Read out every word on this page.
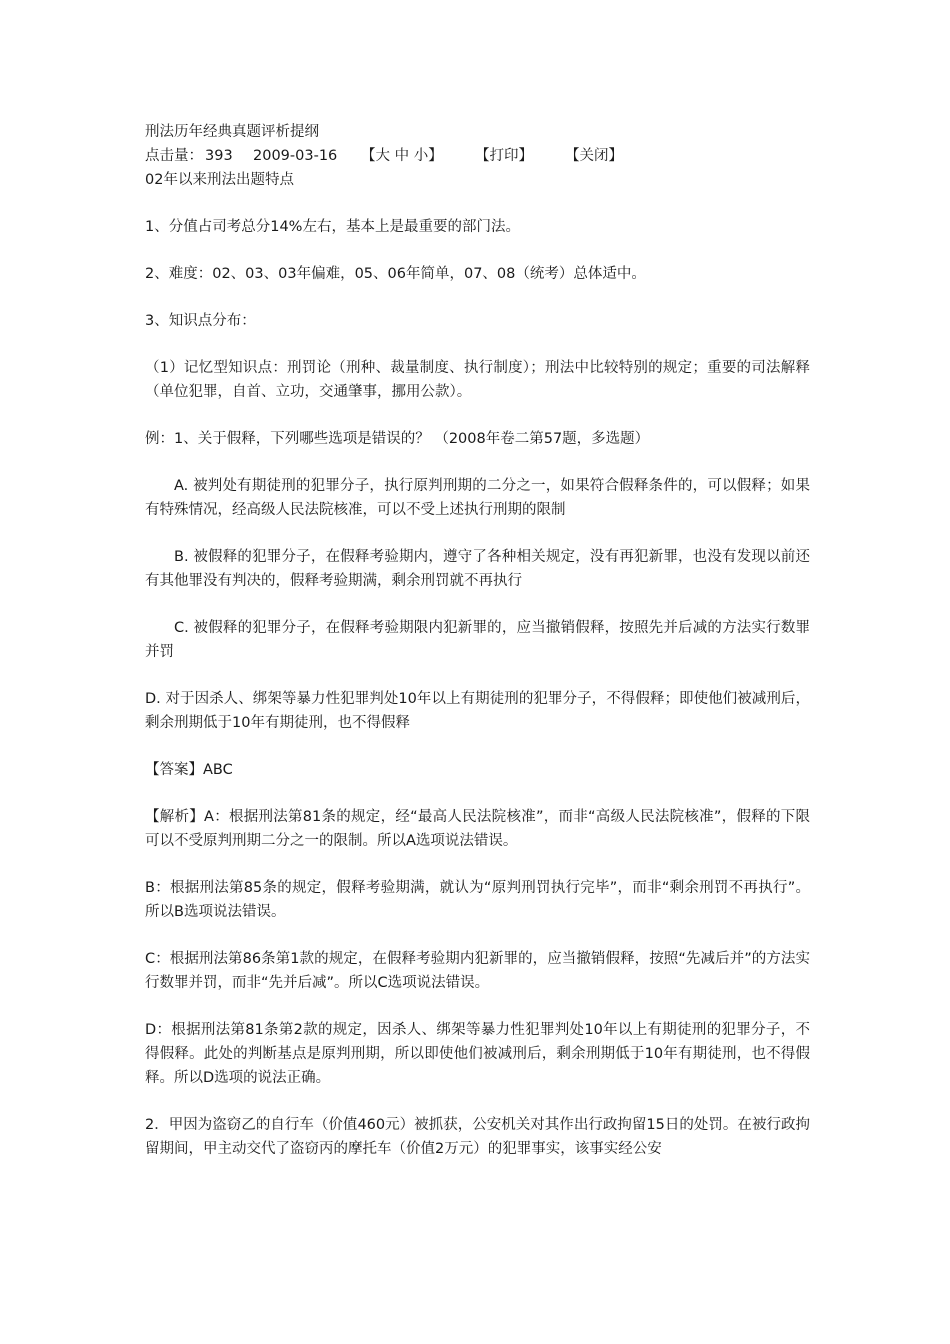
刑法历年经典真题评析提纲

点击量： 393	2009-03-16	【大 中 小】	【打印】	【关闭】

02年以来刑法出题特点

1、分值占司考总分14%左右，基本上是最重要的部门法。

2、难度：02、03、03年偏难，05、06年简单，07、08（统考）总体适中。

3、知识点分布：

（1）记忆型知识点：刑罚论（刑种、裁量制度、执行制度）；刑法中比较特别的规定；重要的司法解释（单位犯罪，自首、立功，交通肇事，挪用公款）。

例：1、关于假释，下列哪些选项是错误的？ （2008年卷二第57题，多选题）

A. 被判处有期徒刑的犯罪分子，执行原判刑期的二分之一，如果符合假释条件的，可以假释；如果有特殊情况，经高级人民法院核准，可以不受上述执行刑期的限制

B. 被假释的犯罪分子，在假释考验期内，遵守了各种相关规定，没有再犯新罪，也没有发现以前还有其他罪没有判决的，假释考验期满，剩余刑罚就不再执行

C. 被假释的犯罪分子，在假释考验期限内犯新罪的，应当撤销假释，按照先并后减的方法实行数罪并罚

D. 对于因杀人、绑架等暴力性犯罪判处10年以上有期徒刑的犯罪分子，不得假释；即使他们被减刑后，剩余刑期低于10年有期徒刑，也不得假释

【答案】ABC

【解析】A：根据刑法第81条的规定，经“最高人民法院核准”，而非“高级人民法院核准”，假释的下限可以不受原判刑期二分之一的限制。所以A选项说法错误。

B：根据刑法第85条的规定，假释考验期满，就认为“原判刑罚执行完毕”，而非“剩余刑罚不再执行”。所以B选项说法错误。

C：根据刑法第86条第1款的规定，在假释考验期内犯新罪的，应当撤销假释，按照“先减后并”的方法实行数罪并罚，而非“先并后减”。所以C选项说法错误。

D：根据刑法第81条第2款的规定，因杀人、绑架等暴力性犯罪判处10年以上有期徒刑的犯罪分子，不得假释。此处的判断基点是原判刑期，所以即使他们被减刑后，剩余刑期低于10年有期徒刑，也不得假释。所以D选项的说法正确。

2．甲因为盗窃乙的自行车（价值460元）被抓获，公安机关对其作出行政拘留15日的处罚。在被行政拘留期间，甲主动交代了盗窃丙的摩托车（价值2万元）的犯罪事实，该事实经公安
